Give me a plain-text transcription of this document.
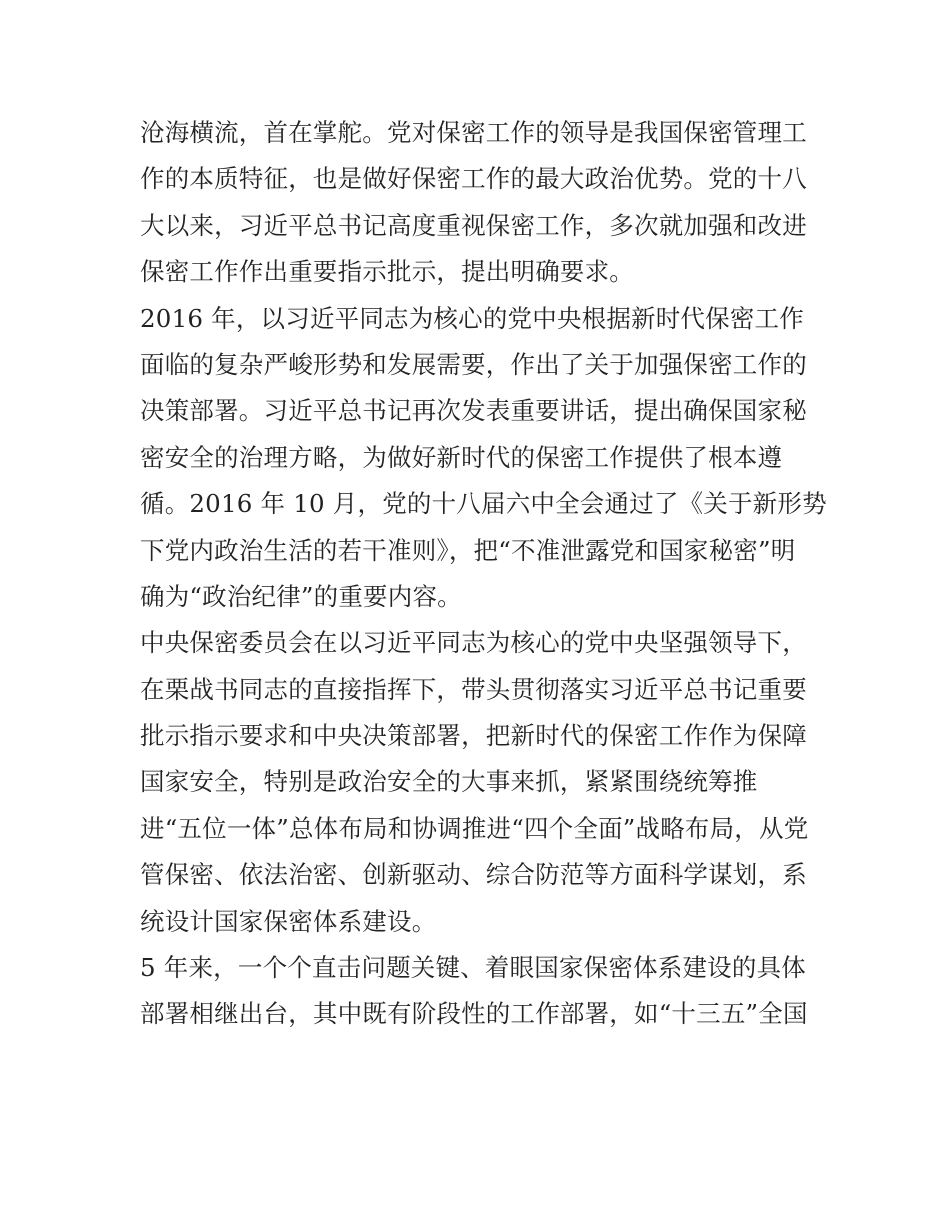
沧海横流，首在掌舵。党对保密工作的领导是我国保密管理工
作的本质特征，也是做好保密工作的最大政治优势。党的十八
大以来，习近平总书记高度重视保密工作，多次就加强和改进
保密工作作出重要指示批示，提出明确要求。
2016 年，以习近平同志为核心的党中央根据新时代保密工作
面临的复杂严峻形势和发展需要，作出了关于加强保密工作的
决策部署。习近平总书记再次发表重要讲话，提出确保国家秘
密安全的治理方略，为做好新时代的保密工作提供了根本遵
循。2016 年 10 月，党的十八届六中全会通过了《关于新形势
下党内政治生活的若干准则》，把“不准泄露党和国家秘密”明
确为“政治纪律”的重要内容。
中央保密委员会在以习近平同志为核心的党中央坚强领导下，
在栗战书同志的直接指挥下，带头贯彻落实习近平总书记重要
批示指示要求和中央决策部署，把新时代的保密工作作为保障
国家安全，特别是政治安全的大事来抓，紧紧围绕统筹推
进“五位一体”总体布局和协调推进“四个全面”战略布局，从党
管保密、依法治密、创新驱动、综合防范等方面科学谋划，系
统设计国家保密体系建设。
5 年来，一个个直击问题关键、着眼国家保密体系建设的具体
部署相继出台，其中既有阶段性的工作部署，如“十三五”全国
